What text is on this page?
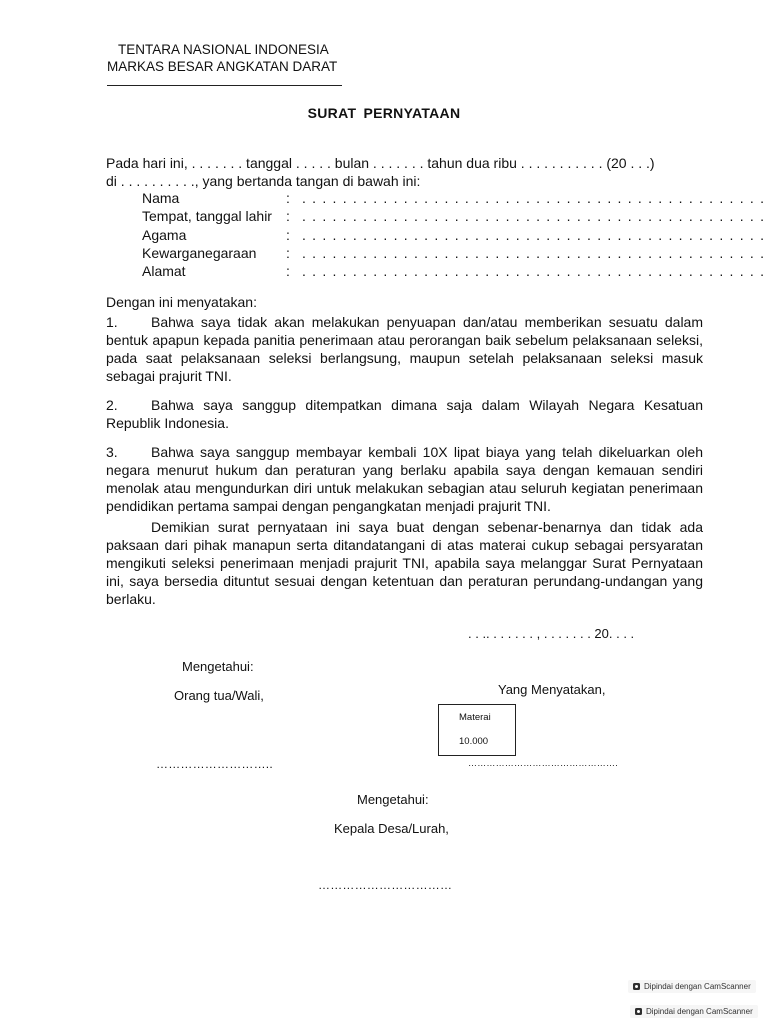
TENTARA NASIONAL INDONESIA
MARKAS BESAR ANGKATAN DARAT
SURAT PERNYATAAN
Pada hari ini, . . . . . . . tanggal . . . . . bulan . . . . . . . tahun dua ribu . . . . . . . . . . . (20 . . .)
di . . . . . . . . . ., yang bertanda tangan di bawah ini:
Nama	: . . . . . . . . . . . . . . . . . . . . . . . . . . . . . . . . . . . . . . . . . . . . . .
Tempat, tanggal lahir : . . . . . . . . . . . . . . . . . . . . . . . . . . . . . . . . . . . . . . . . . . . . . .
Agama	: . . . . . . . . . . . . . . . . . . . . . . . . . . . . . . . . . . . . . . . . . . . . . .
Kewarganegaraan : . . . . . . . . . . . . . . . . . . . . . . . . . . . . . . . . . . . . . . . . . . . . . .
Alamat	: . . . . . . . . . . . . . . . . . . . . . . . . . . . . . . . . . . . . . . . . . . . . . .
Dengan ini menyatakan:
1. Bahwa saya tidak akan melakukan penyuapan dan/atau memberikan sesuatu dalam bentuk apapun kepada panitia penerimaan atau perorangan baik sebelum pelaksanaan seleksi, pada saat pelaksanaan seleksi berlangsung, maupun setelah pelaksanaan seleksi masuk sebagai prajurit TNI.
2. Bahwa saya sanggup ditempatkan dimana saja dalam Wilayah Negara Kesatuan Republik Indonesia.
3. Bahwa saya sanggup membayar kembali 10X lipat biaya yang telah dikeluarkan oleh negara menurut hukum dan peraturan yang berlaku apabila saya dengan kemauan sendiri menolak atau mengundurkan diri untuk melakukan sebagian atau seluruh kegiatan penerimaan pendidikan pertama sampai dengan pengangkatan menjadi prajurit TNI.
Demikian surat pernyataan ini saya buat dengan sebenar-benarnya dan tidak ada paksaan dari pihak manapun serta ditandatangani di atas materai cukup sebagai persyaratan mengikuti seleksi penerimaan menjadi prajurit TNI, apabila saya melanggar Surat Pernyataan ini, saya bersedia dituntut sesuai dengan ketentuan dan peraturan perundang-undangan yang berlaku.
. . .. . . . . . . , . . . . . . . 20. . . .
Mengetahui:
Orang tua/Wali,	Yang Menyatakan,
Materai
10.000
………………………..	………………………………………….
Mengetahui:
Kepala Desa/Lurah,
……………………………
Dipindai dengan CamScanner
Dipindai dengan CamScanner
